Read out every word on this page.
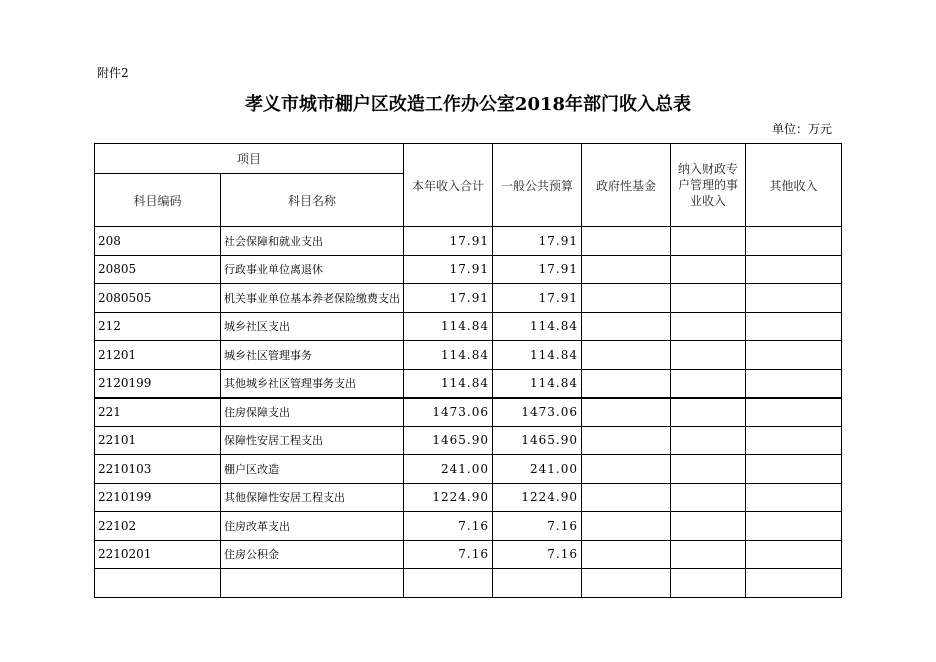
附件2
孝义市城市棚户区改造工作办公室2018年部门收入总表
单位：万元
项目		本年收入合计	一般公共预算	政府性基金	纳入财政专户管理的事业收入	其他收入
科目编码	科目名称					
208	社会保障和就业支出	17.91	17.91			
20805	行政事业单位离退休	17.91	17.91			
2080505	机关事业单位基本养老保险缴费支出	17.91	17.91			
212	城乡社区支出	114.84	114.84			
21201	城乡社区管理事务	114.84	114.84			
2120199	其他城乡社区管理事务支出	114.84	114.84			
221	住房保障支出	1473.06	1473.06			
22101	保障性安居工程支出	1465.90	1465.90			
2210103	棚户区改造	241.00	241.00			
2210199	其他保障性安居工程支出	1224.90	1224.90			
22102	住房改革支出	7.16	7.16			
2210201	住房公积金	7.16	7.16			
